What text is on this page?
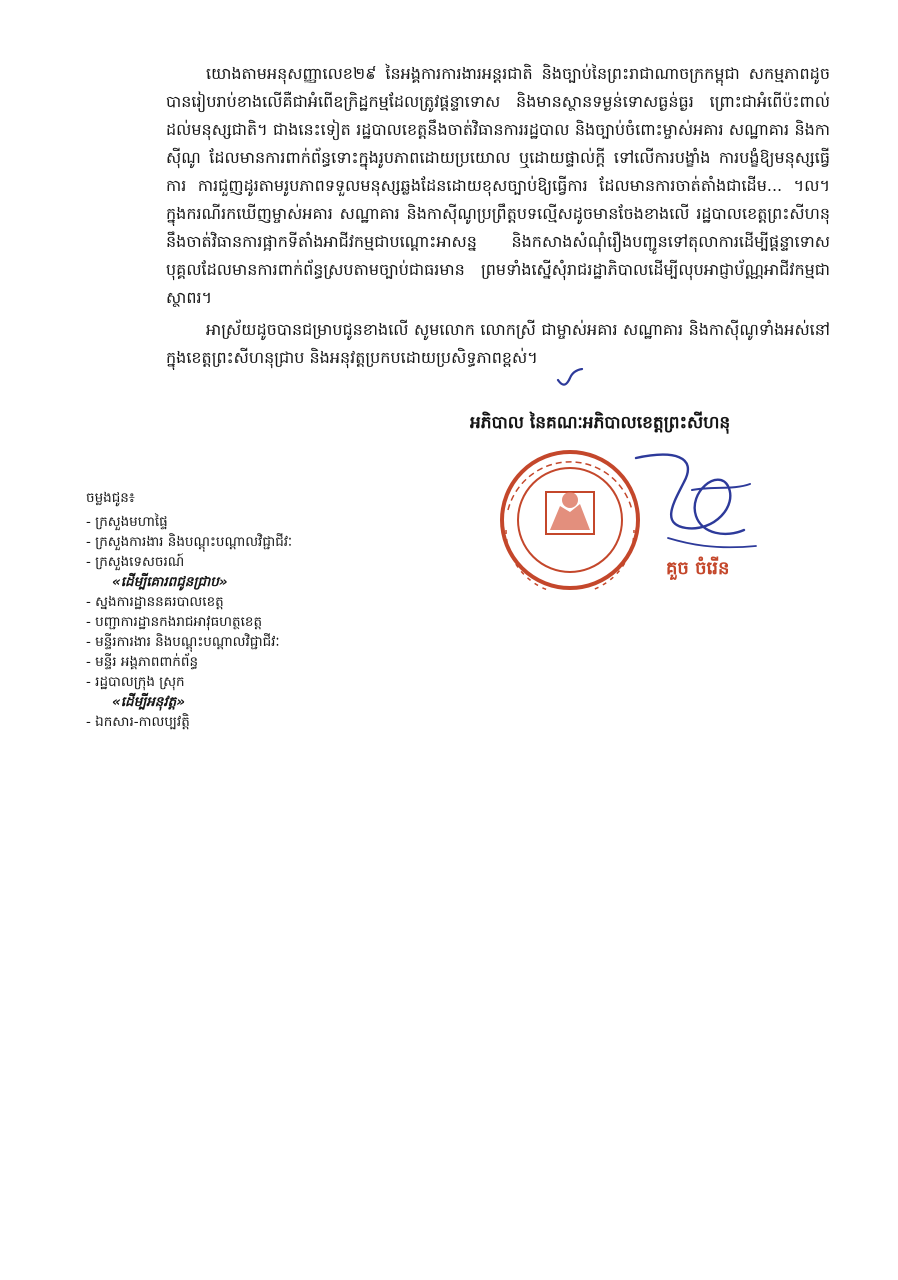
យោងតាមអនុសញ្ញាលេខ២៩ នៃអង្គការការងារអន្តរជាតិ និងច្បាប់នៃព្រះរាជាណាចក្រកម្ពុជា សកម្មភាពដូចបានរៀបរាប់ខាងលើគឺជាអំពើឧក្រិដ្ឋកម្មដែលត្រូវផ្តន្ទាទោស និងមានស្ថានទម្ងន់ទោសធ្ងន់ធ្ងរ ព្រោះជាអំពើប៉ះពាល់ដល់មនុស្សជាតិ។ ជាងនេះទៀត រដ្ឋបាលខេត្តនឹងចាត់វិធានការរដ្ឋបាល និងច្បាប់ចំពោះម្ចាស់អគារ សណ្ឋាគារ និងកាស៊ីណូ ដែលមានការពាក់ព័ន្ធទោះក្នុងរូបភាពដោយប្រយោល ឬដោយផ្ទាល់ក្តី ទៅលើការបង្ខាំង ការបង្ខំឱ្យមនុស្សធ្វើការ ការជួញដូរតាមរូបភាពទទួលមនុស្សឆ្លងដែនដោយខុសច្បាប់ឱ្យធ្វើការ ដែលមានការចាត់តាំងជាដើម... ។ល។ ក្នុងករណីរកឃើញម្ចាស់អគារ សណ្ឋាគារ និងកាស៊ីណូប្រព្រឹត្តបទល្មើសដូចមានចែងខាងលើ រដ្ឋបាលខេត្តព្រះសីហនុនឹងចាត់វិធានការផ្អាកទីតាំងអាជីវកម្មជាបណ្តោះអាសន្ន និងកសាងសំណុំរឿងបញ្ជូនទៅតុលាការដើម្បីផ្តន្ទាទោសបុគ្គលដែលមានការពាក់ព័ន្ធស្របតាមច្បាប់ជាធរមាន ព្រមទាំងស្នើសុំរាជរដ្ឋាភិបាលដើម្បីលុបអាជ្ញាប័ណ្ណអាជីវកម្មជាស្ថាពរ។

អាស្រ័យដូចបានជម្រាបជូនខាងលើ សូមលោក លោកស្រី ជាម្ចាស់អគារ សណ្ឋាគារ និងកាស៊ីណូទាំងអស់នៅក្នុងខេត្តព្រះសីហនុជ្រាប និងអនុវត្តប្រកបដោយប្រសិទ្ធភាពខ្ពស់។

អភិបាល នៃគណៈអភិបាលខេត្តព្រះសីហនុ
គួច ចំរើន
ចម្លងជូន៖
- ក្រសួងមហាផ្ទៃ
- ក្រសួងការងារ និងបណ្តុះបណ្តាលវិជ្ជាជីវៈ
- ក្រសួងទេសចរណ៍
«ដើម្បីគោរពជូនជ្រាប»
- ស្នងការដ្ឋាននគរបាលខេត្ត
- បញ្ជាការដ្ឋានកងរាជអាវុធហត្ថខេត្ត
- មន្ទីរការងារ និងបណ្តុះបណ្តាលវិជ្ជាជីវៈ
- មន្ទីរ អង្គភាពពាក់ព័ន្ធ
- រដ្ឋបាលក្រុង ស្រុក
«ដើម្បីអនុវត្ត»
- ឯកសារ-កាលប្បវត្តិ
